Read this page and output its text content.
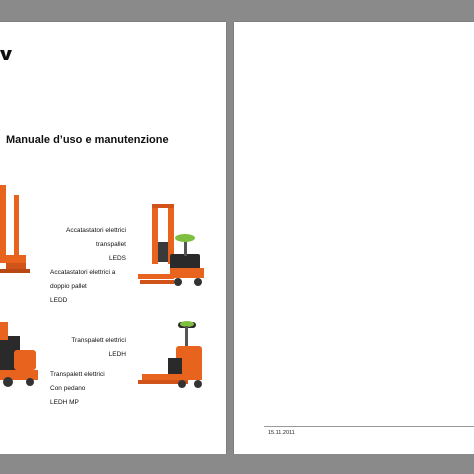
Manuale d’uso e manutenzione

Accatastatori elettrici

transpallet

LEDS

Accatastatori elettrici a

doppio pallet

LEDD

Transpalett elettrici

LEDH

Transpalett elettrici

Con pedano

LEDH MP

15.11.2011
